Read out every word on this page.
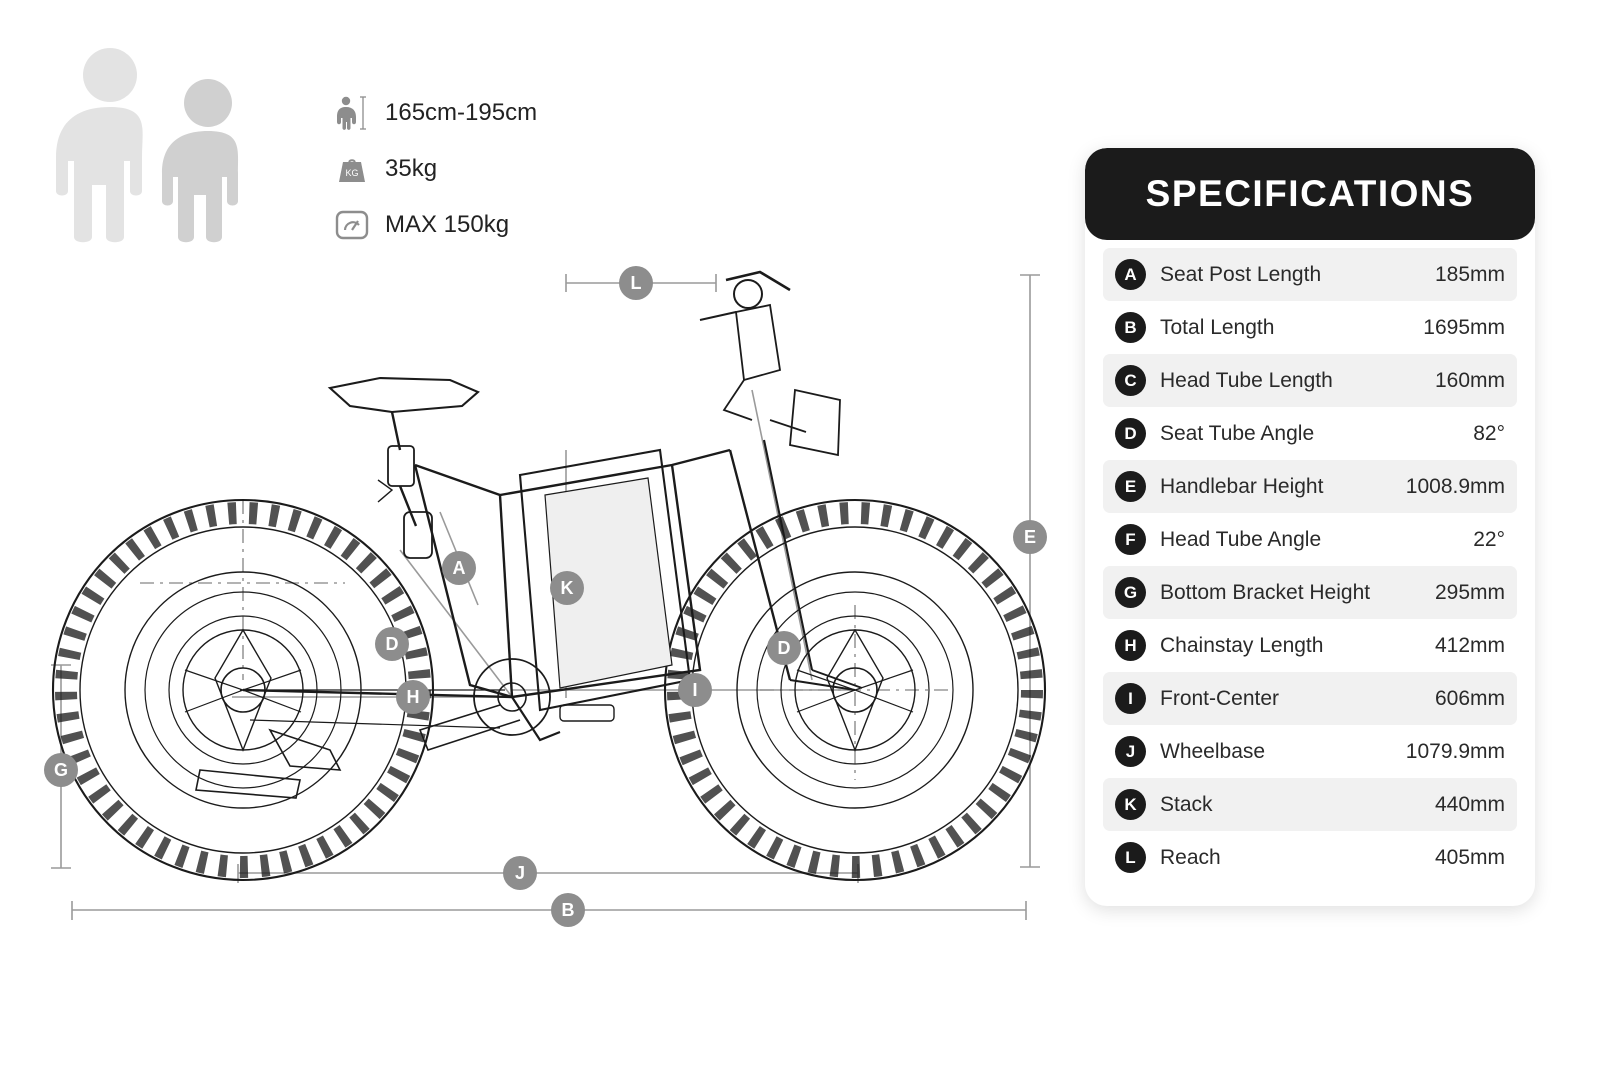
165cm-195cm
KG 35kg
MAX 150kg
L
E
A
K
D	D
H	I
G
J
B
SPECIFICATIONS
A	Seat Post Length	185mm
B	Total Length	1695mm
C	Head Tube Length	160mm
D	Seat Tube Angle	82°
E	Handlebar Height	1008.9mm
F	Head Tube Angle	22°
G	Bottom Bracket Height	295mm
H	Chainstay Length	412mm
I	Front-Center	606mm
J	Wheelbase	1079.9mm
K	Stack	440mm
L	Reach	405mm
